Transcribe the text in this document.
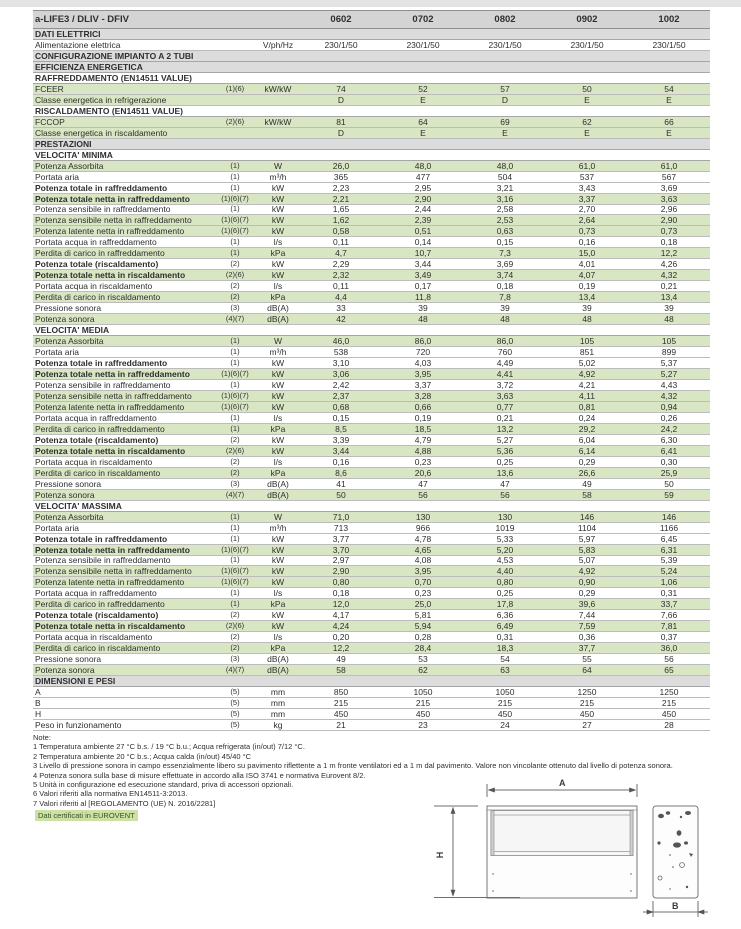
a-LIFE3 / DLIV - DFIV	0602	0702	0802	0902	1002
DATI ELETTRICI
Alimentazione elettrica	V/ph/Hz	230/1/50	230/1/50	230/1/50	230/1/50	230/1/50
CONFIGURAZIONE IMPIANTO A 2 TUBI
EFFICIENZA ENERGETICA
RAFFREDDAMENTO (EN14511 VALUE)
FCEER	(1)(6)	kW/kW	74	52	57	50	54
Classe energetica in refrigerazione	D	E	D	E	E
RISCALDAMENTO (EN14511 VALUE)
FCCOP	(2)(6)	kW/kW	81	64	69	62	66
Classe energetica in riscaldamento	D	E	E	E	E
PRESTAZIONI
VELOCITA' MINIMA
Potenza Assorbita	(1)	W	26,0	48,0	48,0	61,0	61,0
Portata aria	(1)	m³/h	365	477	504	537	567
Potenza totale in raffreddamento	(1)	kW	2,23	2,95	3,21	3,43	3,69
Potenza totale netta in raffreddamento	(1)(6)(7)	kW	2,21	2,90	3,16	3,37	3,63
Potenza sensibile in raffreddamento	(1)	kW	1,65	2,44	2,58	2,70	2,96
Potenza sensibile netta in raffreddamento	(1)(6)(7)	kW	1,62	2,39	2,53	2,64	2,90
Potenza latente netta in raffreddamento	(1)(6)(7)	kW	0,58	0,51	0,63	0,73	0,73
Portata acqua in raffreddamento	(1)	l/s	0,11	0,14	0,15	0,16	0,18
Perdita di carico in raffreddamento	(1)	kPa	4,7	10,7	7,3	15,0	12,2
Potenza totale (riscaldamento)	(2)	kW	2,29	3,44	3,69	4,01	4,26
Potenza totale netta in riscaldamento	(2)(6)	kW	2,32	3,49	3,74	4,07	4,32
Portata acqua in riscaldamento	(2)	l/s	0,11	0,17	0,18	0,19	0,21
Perdita di carico in riscaldamento	(2)	kPa	4,4	11,8	7,8	13,4	13,4
Pressione sonora	(3)	dB(A)	33	39	39	39	39
Potenza sonora	(4)(7)	dB(A)	42	48	48	48	48
VELOCITA' MEDIA
Potenza Assorbita	(1)	W	46,0	86,0	86,0	105	105
Portata aria	(1)	m³/h	538	720	760	851	899
Potenza totale in raffreddamento	(1)	kW	3,10	4,03	4,49	5,02	5,37
Potenza totale netta in raffreddamento	(1)(6)(7)	kW	3,06	3,95	4,41	4,92	5,27
Potenza sensibile in raffreddamento	(1)	kW	2,42	3,37	3,72	4,21	4,43
Potenza sensibile netta in raffreddamento	(1)(6)(7)	kW	2,37	3,28	3,63	4,11	4,32
Potenza latente netta in raffreddamento	(1)(6)(7)	kW	0,68	0,66	0,77	0,81	0,94
Portata acqua in raffreddamento	(1)	l/s	0,15	0,19	0,21	0,24	0,26
Perdita di carico in raffreddamento	(1)	kPa	8,5	18,5	13,2	29,2	24,2
Potenza totale (riscaldamento)	(2)	kW	3,39	4,79	5,27	6,04	6,30
Potenza totale netta in riscaldamento	(2)(6)	kW	3,44	4,88	5,36	6,14	6,41
Portata acqua in riscaldamento	(2)	l/s	0,16	0,23	0,25	0,29	0,30
Perdita di carico in riscaldamento	(2)	kPa	8,6	20,6	13,6	26,6	25,9
Pressione sonora	(3)	dB(A)	41	47	47	49	50
Potenza sonora	(4)(7)	dB(A)	50	56	56	58	59
VELOCITA' MASSIMA
Potenza Assorbita	(1)	W	71,0	130	130	146	146
Portata aria	(1)	m³/h	713	966	1019	1104	1166
Potenza totale in raffreddamento	(1)	kW	3,77	4,78	5,33	5,97	6,45
Potenza totale netta in raffreddamento	(1)(6)(7)	kW	3,70	4,65	5,20	5,83	6,31
Potenza sensibile in raffreddamento	(1)	kW	2,97	4,08	4,53	5,07	5,39
Potenza sensibile netta in raffreddamento	(1)(6)(7)	kW	2,90	3,95	4,40	4,92	5,24
Potenza latente netta in raffreddamento	(1)(6)(7)	kW	0,80	0,70	0,80	0,90	1,06
Portata acqua in raffreddamento	(1)	l/s	0,18	0,23	0,25	0,29	0,31
Perdita di carico in raffreddamento	(1)	kPa	12,0	25,0	17,8	39,6	33,7
Potenza totale (riscaldamento)	(2)	kW	4,17	5,81	6,36	7,44	7,66
Potenza totale netta in riscaldamento	(2)(6)	kW	4,24	5,94	6,49	7,59	7,81
Portata acqua in riscaldamento	(2)	l/s	0,20	0,28	0,31	0,36	0,37
Perdita di carico in riscaldamento	(2)	kPa	12,2	28,4	18,3	37,7	36,0
Pressione sonora	(3)	dB(A)	49	53	54	55	56
Potenza sonora	(4)(7)	dB(A)	58	62	63	64	65
DIMENSIONI E PESI
A	(5)	mm	850	1050	1050	1250	1250
B	(5)	mm	215	215	215	215	215
H	(5)	mm	450	450	450	450	450
Peso in funzionamento	(5)	kg	21	23	24	27	28
Note:
1 Temperatura ambiente 27 °C b.s. / 19 °C b.u.; Acqua refrigerata (in/out) 7/12 °C.
2 Temperatura ambiente 20 °C b.s.; Acqua calda (in/out) 45/40 °C
3 Livello di pressione sonora in campo essenzialmente libero su pavimento riflettente a 1 m fronte ventilatori ed a 1 m dal pavimento. Valore non vincolante ottenuto dal livello di potenza sonora.
4 Potenza sonora sulla base di misure effettuate in accordo alla ISO 3741 e normativa Eurovent 8/2.
5 Unità in configurazione ed esecuzione standard, priva di accessori opzionali.
6 Valori riferiti alla normativa EN14511-3:2013.
7 Valori riferiti al [REGOLAMENTO (UE) N. 2016/2281]
Dati certificati in EUROVENT
A
H
B
